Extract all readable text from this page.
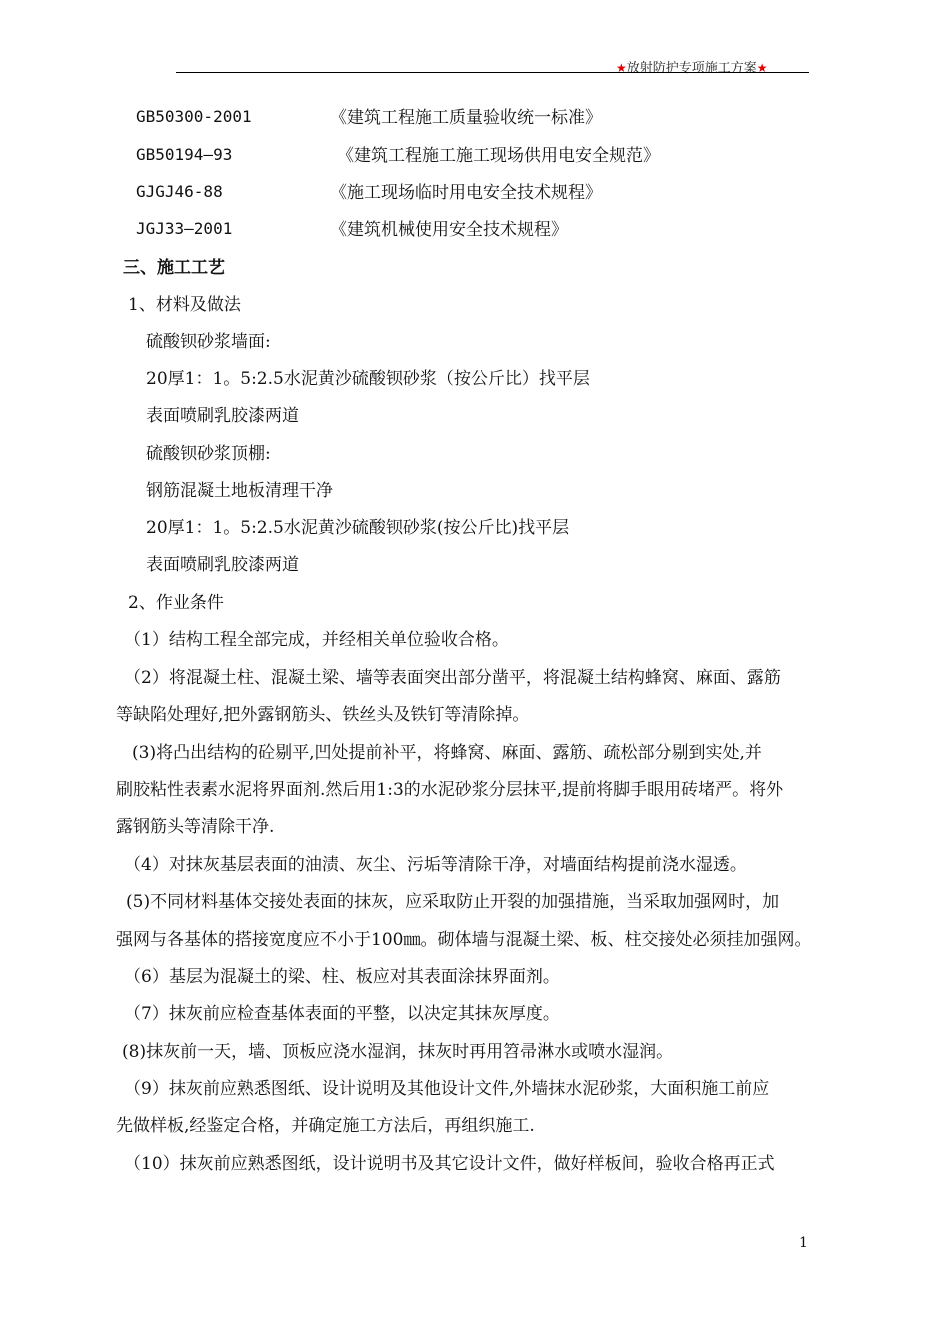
★放射防护专项施工方案★
GB50300-2001	《建筑工程施工质量验收统一标准》
GB50194—93	《建筑工程施工施工现场供用电安全规范》
GJGJ46-88	《施工现场临时用电安全技术规程》
JGJ33—2001	《建筑机械使用安全技术规程》
三、施工工艺
1、材料及做法
硫酸钡砂浆墙面:
20厚1：1。5:2.5水泥黄沙硫酸钡砂浆（按公斤比）找平层
表面喷刷乳胶漆两道
硫酸钡砂浆顶棚:
钢筋混凝土地板清理干净
20厚1：1。5:2.5水泥黄沙硫酸钡砂浆(按公斤比)找平层
表面喷刷乳胶漆两道
2、作业条件
（1）结构工程全部完成，并经相关单位验收合格。
（2）将混凝土柱、混凝土梁、墙等表面突出部分凿平，将混凝土结构蜂窝、麻面、露筋
等缺陷处理好,把外露钢筋头、铁丝头及铁钉等清除掉。
(3)将凸出结构的砼剔平,凹处提前补平，将蜂窝、麻面、露筋、疏松部分剔到实处,并
刷胶粘性表素水泥将界面剂.然后用1:3的水泥砂浆分层抹平,提前将脚手眼用砖堵严。将外
露钢筋头等清除干净.
（4）对抹灰基层表面的油渍、灰尘、污垢等清除干净，对墙面结构提前浇水湿透。
(5)不同材料基体交接处表面的抹灰，应采取防止开裂的加强措施，当采取加强网时，加
强网与各基体的搭接宽度应不小于100㎜。砌体墙与混凝土梁、板、柱交接处必须挂加强网。
（6）基层为混凝土的梁、柱、板应对其表面涂抹界面剂。
（7）抹灰前应检查基体表面的平整，以决定其抹灰厚度。
(8)抹灰前一天，墙、顶板应浇水湿润，抹灰时再用笤帚淋水或喷水湿润。
（9）抹灰前应熟悉图纸、设计说明及其他设计文件,外墙抹水泥砂浆，大面积施工前应
先做样板,经鉴定合格，并确定施工方法后，再组织施工.
（10）抹灰前应熟悉图纸，设计说明书及其它设计文件，做好样板间，验收合格再正式
1
